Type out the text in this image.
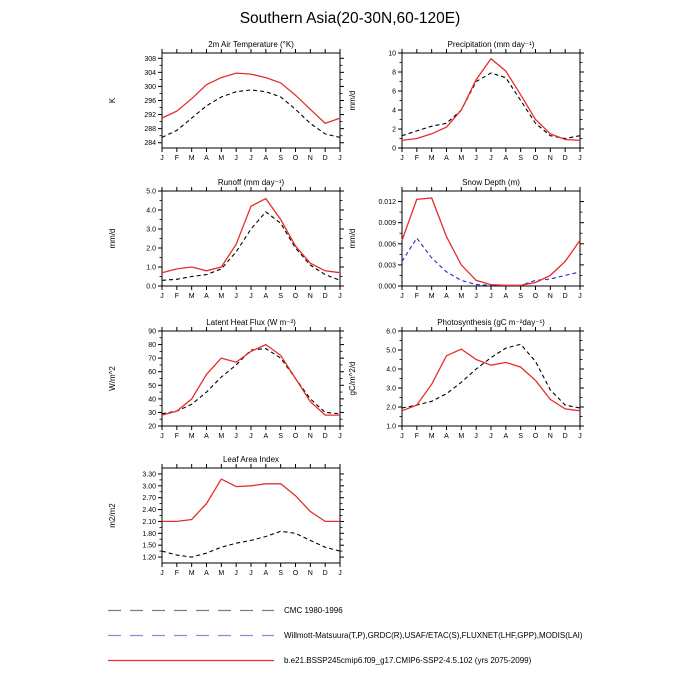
Southern Asia(20-30N,60-120E)
2m Air Temperature (°K)
K
284
288
292
296
300
304
308
J F M A M J J A S O N D J
Precipitation (mm day⁻¹)
mm/d
0
2
4
6
8
10
J F M A M J J A S O N D J
Runoff (mm day⁻¹)
mm/d
0.0
1.0
2.0
3.0
4.0
5.0
J F M A M J J A S O N D J
Snow Depth (m)
mm/d
0.000
0.003
0.006
0.009
0.012
J F M A M J J A S O N D J
Latent Heat Flux (W m⁻²)
W/m^2
20
30
40
50
60
70
80
90
J F M A M J J A S O N D J
Photosynthesis (gC m⁻²day⁻¹)
gC/m^2/d
1.0
2.0
3.0
4.0
5.0
6.0
J F M A M J J A S O N D J
Leaf Area Index
m2/m2
1.20
1.50
1.80
2.10
2.40
2.70
3.00
3.30
J F M A M J J A S O N D J
CMC 1980-1996
Willmott-Matsuura(T,P),GRDC(R),USAF/ETAC(S),FLUXNET(LHF,GPP),MODIS(LAI)
b.e21.BSSP245cmip6.f09_g17.CMIP6-SSP2-4.5.102 (yrs 2075-2099)
